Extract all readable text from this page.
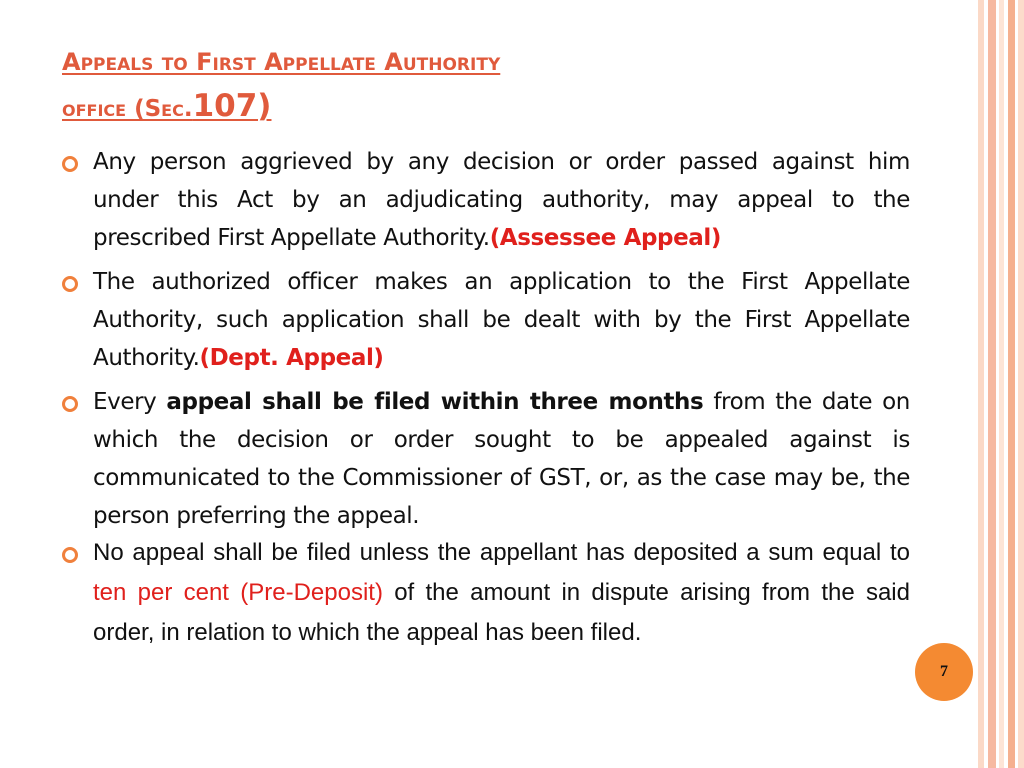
Appeals to First Appellate Authority
office (Sec.107)
Any person aggrieved by any decision or order passed against him under this Act by an adjudicating authority, may appeal to the prescribed First Appellate Authority.(Assessee Appeal)
The authorized officer makes an application to the First Appellate Authority, such application shall be dealt with by the First Appellate Authority.(Dept. Appeal)
Every appeal shall be filed within three months from the date on which the decision or order sought to be appealed against is communicated to the Commissioner of GST, or, as the case may be, the person preferring the appeal.
No appeal shall be filed unless the appellant has deposited a sum equal to ten per cent (Pre-Deposit) of the amount in dispute arising from the said order, in relation to which the appeal has been filed.
7
